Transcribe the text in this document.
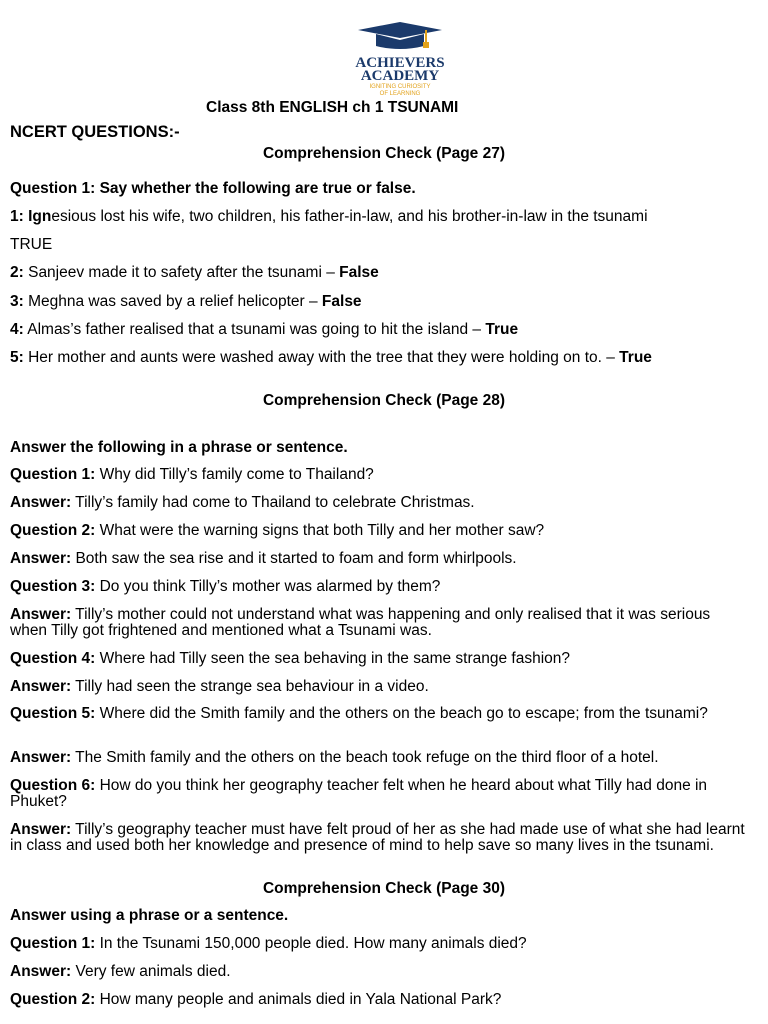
ACHIEVERS
ACADEMY
IGNITING CURIOSITY
OF LEARNING
Class 8th ENGLISH ch 1 TSUNAMI
NCERT QUESTIONS:-
Comprehension Check (Page 27)
Question 1: Say whether the following are true or false.
1: Ignesious lost his wife, two children, his father-in-law, and his brother-in-law in the tsunami
TRUE
2: Sanjeev made it to safety after the tsunami – False
3: Meghna was saved by a relief helicopter – False
4: Almas’s father realised that a tsunami was going to hit the island – True
5: Her mother and aunts were washed away with the tree that they were holding on to. – True
Comprehension Check (Page 28)
Answer the following in a phrase or sentence.
Question 1: Why did Tilly’s family come to Thailand?
Answer: Tilly’s family had come to Thailand to celebrate Christmas.
Question 2: What were the warning signs that both Tilly and her mother saw?
Answer: Both saw the sea rise and it started to foam and form whirlpools.
Question 3: Do you think Tilly’s mother was alarmed by them?
Answer: Tilly’s mother could not understand what was happening and only realised that it was serious when Tilly got frightened and mentioned what a Tsunami was.
Question 4: Where had Tilly seen the sea behaving in the same strange fashion?
Answer: Tilly had seen the strange sea behaviour in a video.
Question 5: Where did the Smith family and the others on the beach go to escape; from the tsunami?
Answer: The Smith family and the others on the beach took refuge on the third floor of a hotel.
Question 6: How do you think her geography teacher felt when he heard about what Tilly had done in Phuket?
Answer: Tilly’s geography teacher must have felt proud of her as she had made use of what she had learnt in class and used both her knowledge and presence of mind to help save so many lives in the tsunami.
Comprehension Check (Page 30)
Answer using a phrase or a sentence.
Question 1: In the Tsunami 150,000 people died. How many animals died?
Answer: Very few animals died.
Question 2: How many people and animals died in Yala National Park?
